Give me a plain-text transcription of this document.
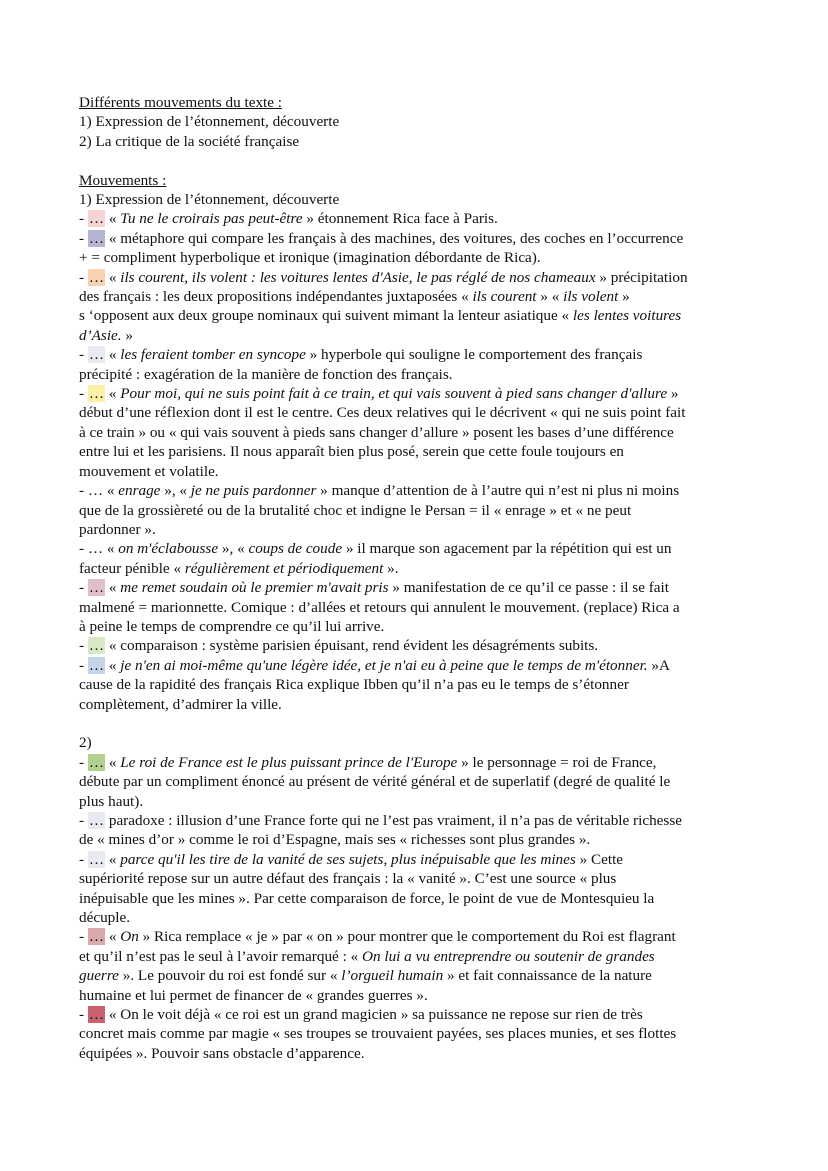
Différents mouvements du texte :
1) Expression de l’étonnement, découverte
2) La critique de la société française
Mouvements :
1) Expression de l’étonnement, découverte
- … « Tu ne le croirais pas peut-être » étonnement Rica face à Paris.
- … « métaphore qui compare les français à des machines, des voitures, des coches en l’occurrence
+ = compliment hyperbolique et ironique (imagination débordante de Rica).
- … « ils courent, ils volent : les voitures lentes d'Asie, le pas réglé de nos chameaux » précipitation
des français : les deux propositions indépendantes juxtaposées « ils courent » « ils volent »
s ‘opposent aux deux groupe nominaux qui suivent mimant la lenteur asiatique « les lentes voitures
d’Asie. »
- … « les feraient tomber en syncope » hyperbole qui souligne le comportement des français
précipité : exagération de la manière de fonction des français.
- … « Pour moi, qui ne suis point fait à ce train, et qui vais souvent à pied sans changer d'allure »
début d’une réflexion dont il est le centre. Ces deux relatives qui le décrivent « qui ne suis point fait
à ce train » ou « qui vais souvent à pieds sans changer d’allure » posent les bases d’une différence
entre lui et les parisiens. Il nous apparaît bien plus posé, serein que cette foule toujours en
mouvement et volatile.
- … « enrage », « je ne puis pardonner » manque d’attention de à l’autre qui n’est ni plus ni moins
que de la grossièreté ou de la brutalité choc et indigne le Persan = il « enrage » et « ne peut
pardonner ».
- … « on m'éclabousse », « coups de coude » il marque son agacement par la répétition qui est un
facteur pénible « régulièrement et périodiquement ».
- … « me remet soudain où le premier m'avait pris » manifestation de ce qu’il ce passe : il se fait
malmené = marionnette. Comique : d’allées et retours qui annulent le mouvement. (replace) Rica a
à peine le temps de comprendre ce qu’il lui arrive.
- … « comparaison : système parisien épuisant, rend évident les désagréments subits.
- … « je n'en ai moi-même qu'une légère idée, et je n'ai eu à peine que le temps de m'étonner. »A
cause de la rapidité des français Rica explique Ibben qu’il n’a pas eu le temps de s’étonner
complètement, d’admirer la ville.
2)
- … « Le roi de France est le plus puissant prince de l'Europe » le personnage = roi de France,
débute par un compliment énoncé au présent de vérité général et de superlatif (degré de qualité le
plus haut).
- … paradoxe : illusion d’une France forte qui ne l’est pas vraiment, il n’a pas de véritable richesse
de « mines d’or » comme le roi d’Espagne, mais ses « richesses sont plus grandes ».
- … « parce qu'il les tire de la vanité de ses sujets, plus inépuisable que les mines » Cette
supériorité repose sur un autre défaut des français : la « vanité ». C’est une source « plus
inépuisable que les mines ». Par cette comparaison de force, le point de vue de Montesquieu la
décuple.
- … « On » Rica remplace « je » par « on » pour montrer que le comportement du Roi est flagrant
et qu’il n’est pas le seul à l’avoir remarqué : « On lui a vu entreprendre ou soutenir de grandes
guerre ». Le pouvoir du roi est fondé sur « l’orgueil humain » et fait connaissance de la nature
humaine et lui permet de financer de « grandes guerres ».
- … « On le voit déjà « ce roi est un grand magicien » sa puissance ne repose sur rien de très
concret mais comme par magie « ses troupes se trouvaient payées, ses places munies, et ses flottes
équipées ». Pouvoir sans obstacle d’apparence.
